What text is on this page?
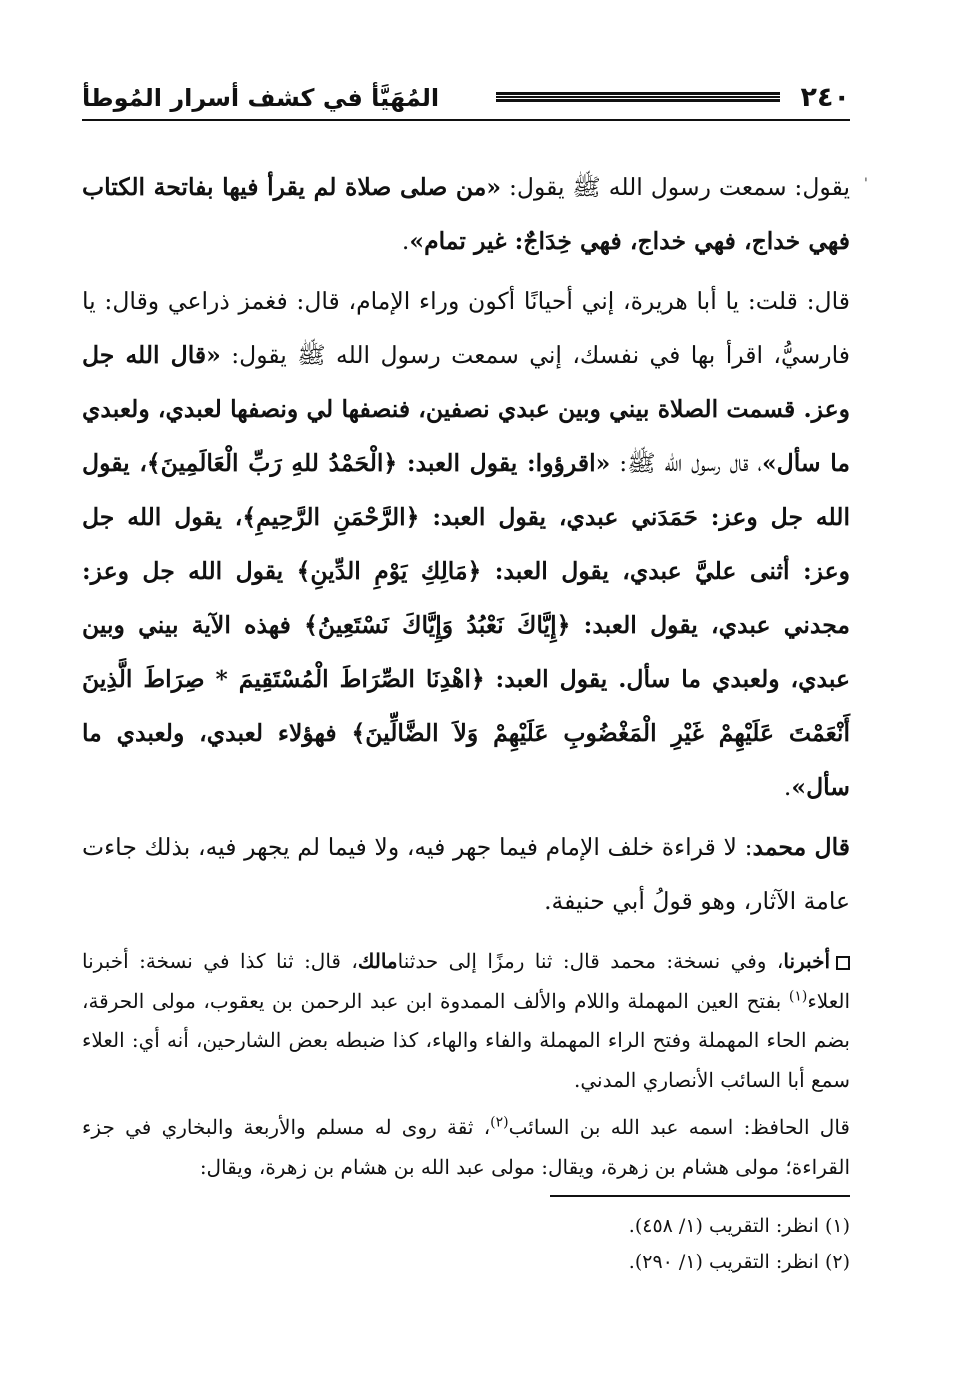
٢٤٠
المُهَيَّأ في كشف أسرار المُوطأ
'

يقول: سمعت رسول الله ﷺ يقول: «من صلى صلاة لم يقرأ فيها بفاتحة الكتاب فهي خداج، فهي خداج، فهي خِدَاجٌ: غير تمام».

قال: قلت: يا أبا هريرة، إني أحيانًا أكون وراء الإمام، قال: فغمز ذراعي وقال: يا فارسيُّ، اقرأ بها في نفسك، إني سمعت رسول الله ﷺ يقول: «قال الله جل وعز. قسمت الصلاة بيني وبين عبدي نصفين، فنصفها لي ونصفها لعبدي، ولعبدي ما سأل»، قال رسول الله ﷺ: «اقرؤوا: يقول العبد: ﴿الْحَمْدُ للهِ رَبِّ الْعَالَمِينَ﴾، يقول الله جل وعز: حَمَدَني عبدي، يقول العبد: ﴿الرَّحْمَنِ الرَّحِيمِ﴾، يقول الله جل وعز: أثنى عليَّ عبدي، يقول العبد: ﴿مَالِكِ يَوْمِ الدِّينِ﴾ يقول الله جل وعز: مجدني عبدي، يقول العبد: ﴿إِيَّاكَ نَعْبُدُ وَإِيَّاكَ نَسْتَعِينُ﴾ فهذه الآية بيني وبين عبدي، ولعبدي ما سأل. يقول العبد: ﴿اهْدِنَا الصِّرَاطَ الْمُسْتَقِيمَ * صِرَاطَ الَّذِينَ أَنْعَمْتَ عَلَيْهِمْ غَيْرِ الْمَغْضُوبِ عَلَيْهِمْ وَلاَ الضَّالِّينَ﴾ فهؤلاء لعبدي، ولعبدي ما سأل».

قال محمد: لا قراءة خلف الإمام فيما جهر فيه، ولا فيما لم يجهر فيه، بذلك جاءت عامة الآثار، وهو قولُ أبي حنيفة.

أخبرنا، وفي نسخة: محمد قال: ثنا رمزًا إلى حدثنامالك، قال: ثنا كذا في نسخة: أخبرنا العلاء$^{(١)}$ بفتح العين المهملة واللام والألف الممدوة ابن عبد الرحمن بن يعقوب، مولى الحرقة، بضم الحاء المهملة وفتح الراء المهملة والفاء والهاء، كذا ضبطه بعض الشارحين، أنه أي: العلاء سمع أبا السائب الأنصاري المدني.

قال الحافظ: اسمه عبد الله بن السائب$^{(٢)}$، ثقة روى له مسلم والأربعة والبخاري في جزء القراءة؛ مولى هشام بن زهرة، ويقال: مولى عبد الله بن هشام بن زهرة، ويقال:

(١) انظر: التقريب (١/ ٤٥٨).

(٢) انظر: التقريب (١/ ٢٩٠).
